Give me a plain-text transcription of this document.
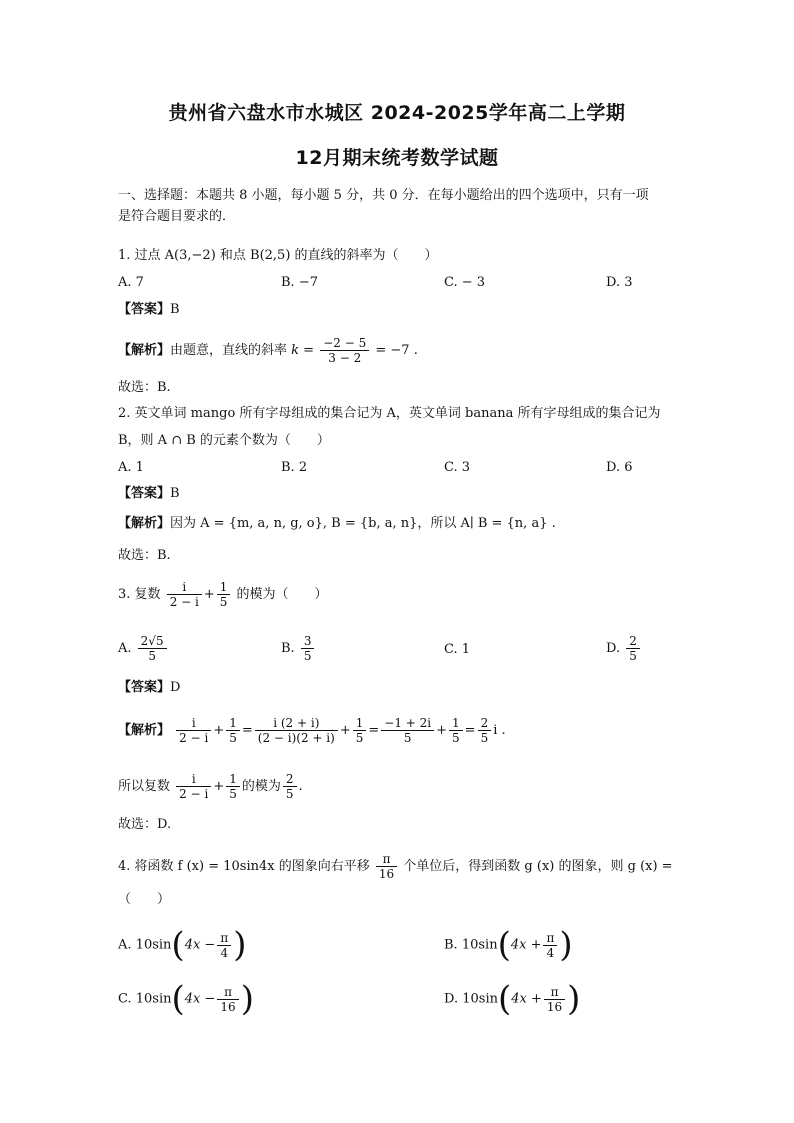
贵州省六盘水市水城区 2024-2025学年高二上学期
12月期末统考数学试题
一、选择题：本题共 8 小题，每小题 5 分，共 0 分．在每小题给出的四个选项中，只有一项
是符合题目要求的．
1. 过点 A(3,−2) 和点 B(2,5) 的直线的斜率为（　　）
A. 7	B. −7	C. − 3	D. 3
【答案】B
【解析】由题意，直线的斜率 $k = \frac{-2 - 5}{3 - 2} = -7$ .
故选：B.
2. 英文单词 mango 所有字母组成的集合记为 A，英文单词 banana 所有字母组成的集合记为
B，则 A ∩ B 的元素个数为（　　）
A. 1	B. 2	C. 3	D. 6
【答案】B
【解析】因为 A = {m, a, n, g, o}, B = {b, a, n}，所以 A∣ B = {n, a} .
故选：B.
3. 复数 $\frac{i}{2 - i} + \frac{1}{5}$ 的模为（　　）
A. $\frac{2√5}{5}$	B. $\frac{3}{5}$	C. 1	D. $\frac{2}{5}$
【答案】D
【解析】 $\frac{i}{2 - i} + \frac{1}{5} = \frac{i (2 + i)}{(2 - i)(2 + i)} + \frac{1}{5} = \frac{-1 + 2i}{5} + \frac{1}{5} = \frac{2}{5}$ i .
所以复数 $\frac{i}{2 - i} + \frac{1}{5}$ 的模为 $\frac{2}{5}$ .
故选：D.
4. 将函数 f (x) = 10sin4x 的图象向右平移 $\frac{\pi}{16}$ 个单位后，得到函数 g (x) 的图象，则 g (x) =
（　　）
A. $10\sin(4x - \frac{\pi}{4}$ )	B. $10\sin(4x + \frac{\pi}{4}$ )
C. $10\sin(4x - \frac{\pi}{16}$ )	D. $10\sin(4x + \frac{\pi}{16}$ )
